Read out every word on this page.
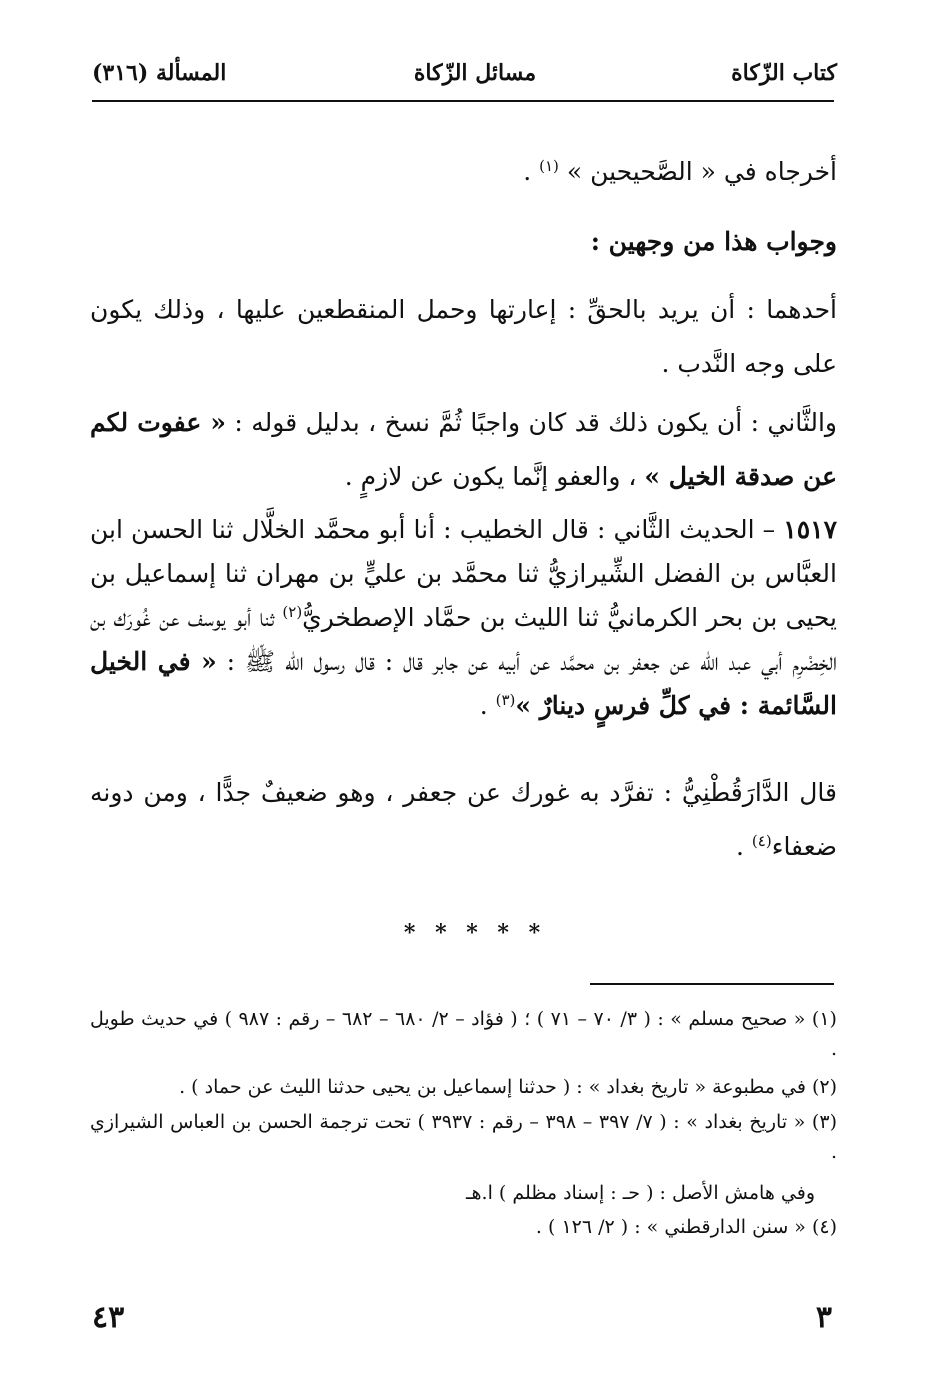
كتاب الزّكاة
مسائل الزّكاة
المسألة (٣١٦)
أخرجاه في « الصَّحيحين » $^{(١)}$ .
وجواب هذا من وجهين :
أحدهما : أن يريد بالحقِّ : إعارتها وحمل المنقطعين عليها ، وذلك يكون على وجه النَّدب .
والثَّاني : أن يكون ذلك قد كان واجبًا ثُمَّ نسخ ، بدليل قوله : « عفوت لكم عن صدقة الخيل » ، والعفو إنَّما يكون عن لازمٍ .
١٥١٧ – الحديث الثَّاني : قال الخطيب : أنا أبو محمَّد الخلَّال ثنا الحسن ابن العبَّاس بن الفضل الشِّيرازيُّ ثنا محمَّد بن عليٍّ بن مهران ثنا إسماعيل بن يحيى بن بحر الكرمانيُّ ثنا الليث بن حمَّاد الإصطخريُّ$^{(٢)}$ ثنا أبو يوسف عن غُورَك بن الخِضْرِم أبي عبد الله عن جعفر بن محمَّد عن أبيه عن جابر قال : قال رسول الله ﷺ : « في الخيل السَّائمة : في كلِّ فرسٍ دينارٌ »$^{(٣)}$ .
قال الدَّارَقُطْنِيُّ : تفرَّد به غورك عن جعفر ، وهو ضعيفٌ جدًّا ، ومن دونه ضعفاء$^{(٤)}$ .
* * * * *
(١) « صحيح مسلم » : ( ٣/ ٧٠ – ٧١ ) ؛ ( فؤاد – ٢/ ٦٨٠ – ٦٨٢ – رقم : ٩٨٧ ) في حديث طويل .
(٢) في مطبوعة « تاريخ بغداد » : ( حدثنا إسماعيل بن يحيى حدثنا الليث عن حماد ) .
(٣) « تاريخ بغداد » : ( ٧/ ٣٩٧ – ٣٩٨ – رقم : ٣٩٣٧ ) تحت ترجمة الحسن بن العباس الشيرازي .
وفي هامش الأصل : ( حـ : إسناد مظلم ) ا.هـ
(٤) « سنن الدارقطني » : ( ٢/ ١٢٦ ) .
٣
٤٣
